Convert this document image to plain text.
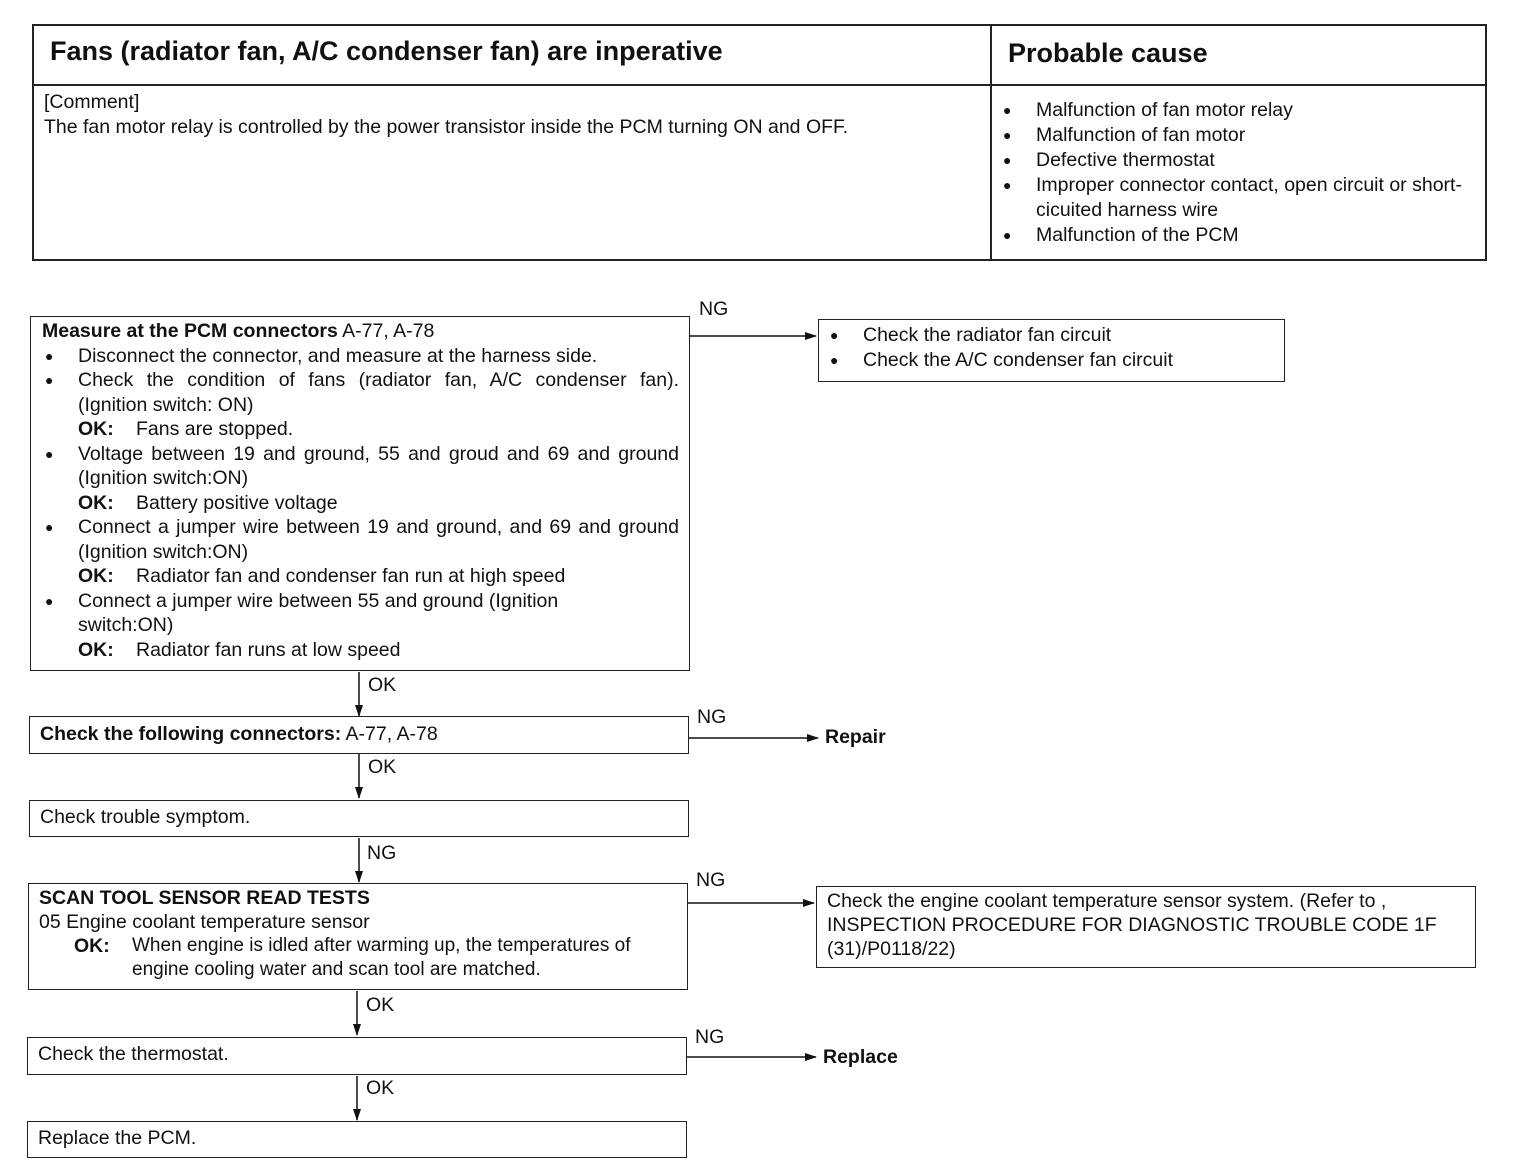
Fans (radiator fan, A/C condenser fan) are inperative	Probable cause
[Comment]
The fan motor relay is controlled by the power transistor inside the PCM turning ON and OFF.
● Malfunction of fan motor relay
● Malfunction of fan motor
● Defective thermostat
● Improper connector contact, open circuit or short-cicuited harness wire
● Malfunction of the PCM
NG
OK
NG
OK
NG
NG
OK
NG
OK
Measure at the PCM connectors A-77, A-78
● Disconnect the connector, and measure at the harness side.
● Check the condition of fans (radiator fan, A/C condenser fan). (Ignition switch: ON)
OK: Fans are stopped.
● Voltage between 19 and ground, 55 and groud and 69 and ground (Ignition switch:ON)
OK: Battery positive voltage
● Connect a jumper wire between 19 and ground, and 69 and ground (Ignition switch:ON)
OK: Radiator fan and condenser fan run at high speed
● Connect a jumper wire between 55 and ground (Ignition switch:ON)
OK: Radiator fan runs at low speed
● Check the radiator fan circuit
● Check the A/C condenser fan circuit
Check the following connectors: A-77, A-78	Repair
Check trouble symptom.
SCAN TOOL SENSOR READ TESTS
05 Engine coolant temperature sensor
OK:	When engine is idled after warming up, the temperatures of engine cooling water and scan tool are matched.
Check the engine coolant temperature sensor system. (Refer to , INSPECTION PROCEDURE FOR DIAGNOSTIC TROUBLE CODE 1F (31)/P0118/22)
Check the thermostat.	Replace
Replace the PCM.
